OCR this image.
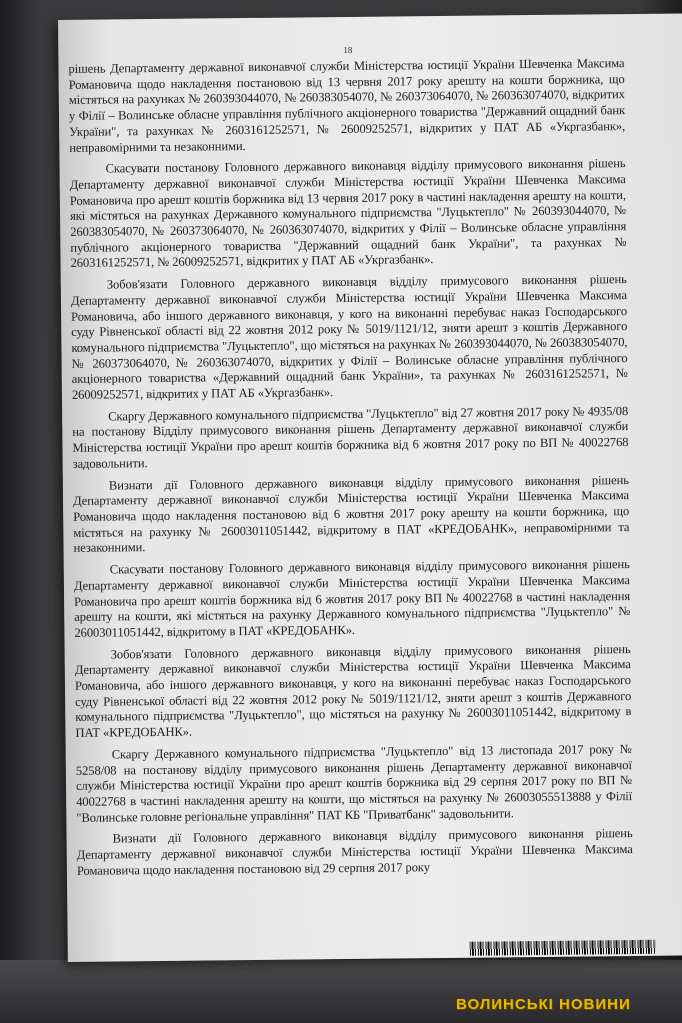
18

рішень Департаменту державної виконавчої служби Міністерства юстиції України Шевченка Максима Романовича щодо накладення постановою від 13 червня 2017 року арешту на кошти боржника, що містяться на рахунках № 260393044070, № 260383054070, № 260373064070, № 260363074070, відкритих у Філії – Волинське обласне управління публічного акціонерного товариства "Державний ощадний банк України", та рахунках № 2603161252571, № 26009252571, відкритих у ПАТ АБ «Укргазбанк», неправомірними та незаконними.

Скасувати постанову Головного державного виконавця відділу примусового виконання рішень Департаменту державної виконавчої служби Міністерства юстиції України Шевченка Максима Романовича про арешт коштів боржника від 13 червня 2017 року в частині накладення арешту на кошти, які містяться на рахунках Державного комунального підприємства "Луцьктепло" № 260393044070, № 260383054070, № 260373064070, № 260363074070, відкритих у Філії – Волинське обласне управління публічного акціонерного товариства "Державний ощадний банк України", та рахунках № 2603161252571, № 26009252571, відкритих у ПАТ АБ «Укргазбанк».

Зобов'язати Головного державного виконавця відділу примусового виконання рішень Департаменту державної виконавчої служби Міністерства юстиції України Шевченка Максима Романовича, або іншого державного виконавця, у кого на виконанні перебуває наказ Господарського суду Рівненської області від 22 жовтня 2012 року № 5019/1121/12, зняти арешт з коштів Державного комунального підприємства "Луцьктепло", що містяться на рахунках № 260393044070, № 260383054070, № 260373064070, № 260363074070, відкритих у Філії – Волинське обласне управління публічного акціонерного товариства «Державний ощадний банк України», та рахунках № 2603161252571, № 26009252571, відкритих у ПАТ АБ «Укргазбанк».

Скаргу Державного комунального підприємства "Луцьктепло" від 27 жовтня 2017 року № 4935/08 на постанову Відділу примусового виконання рішень Департаменту державної виконавчої служби Міністерства юстиції України про арешт коштів боржника від 6 жовтня 2017 року по ВП № 40022768 задовольнити.

Визнати дії Головного державного виконавця відділу примусового виконання рішень Департаменту державної виконавчої служби Міністерства юстиції України Шевченка Максима Романовича щодо накладення постановою від 6 жовтня 2017 року арешту на кошти боржника, що містяться на рахунку № 26003011051442, відкритому в ПАТ «КРЕДОБАНК», неправомірними та незаконними.

Скасувати постанову Головного державного виконавця відділу примусового виконання рішень Департаменту державної виконавчої служби Міністерства юстиції України Шевченка Максима Романовича про арешт коштів боржника від 6 жовтня 2017 року ВП № 40022768 в частині накладення арешту на кошти, які містяться на рахунку Державного комунального підприємства "Луцьктепло" № 26003011051442, відкритому в ПАТ «КРЕДОБАНК».

Зобов'язати Головного державного виконавця відділу примусового виконання рішень Департаменту державної виконавчої служби Міністерства юстиції України Шевченка Максима Романовича, або іншого державного виконавця, у кого на виконанні перебуває наказ Господарського суду Рівненської області від 22 жовтня 2012 року № 5019/1121/12, зняти арешт з коштів Державного комунального підприємства "Луцьктепло", що містяться на рахунку № 26003011051442, відкритому в ПАТ «КРЕДОБАНК».

Скаргу Державного комунального підприємства "Луцьктепло" від 13 листопада 2017 року № 5258/08 на постанову відділу примусового виконання рішень Департаменту державної виконавчої служби Міністерства юстиції України про арешт коштів боржника від 29 серпня 2017 року по ВП № 40022768 в частині накладення арешту на кошти, що містяться на рахунку № 26003055513888 у Філії "Волинське головне регіональне управління" ПАТ КБ "Приватбанк" задовольнити.

Визнати дії Головного державного виконавця відділу примусового виконання рішень Департаменту державної виконавчої служби Міністерства юстиції України Шевченка Максима Романовича щодо накладення постановою від 29 серпня 2017 року

ВОЛИНСЬКІ НОВИНИ
